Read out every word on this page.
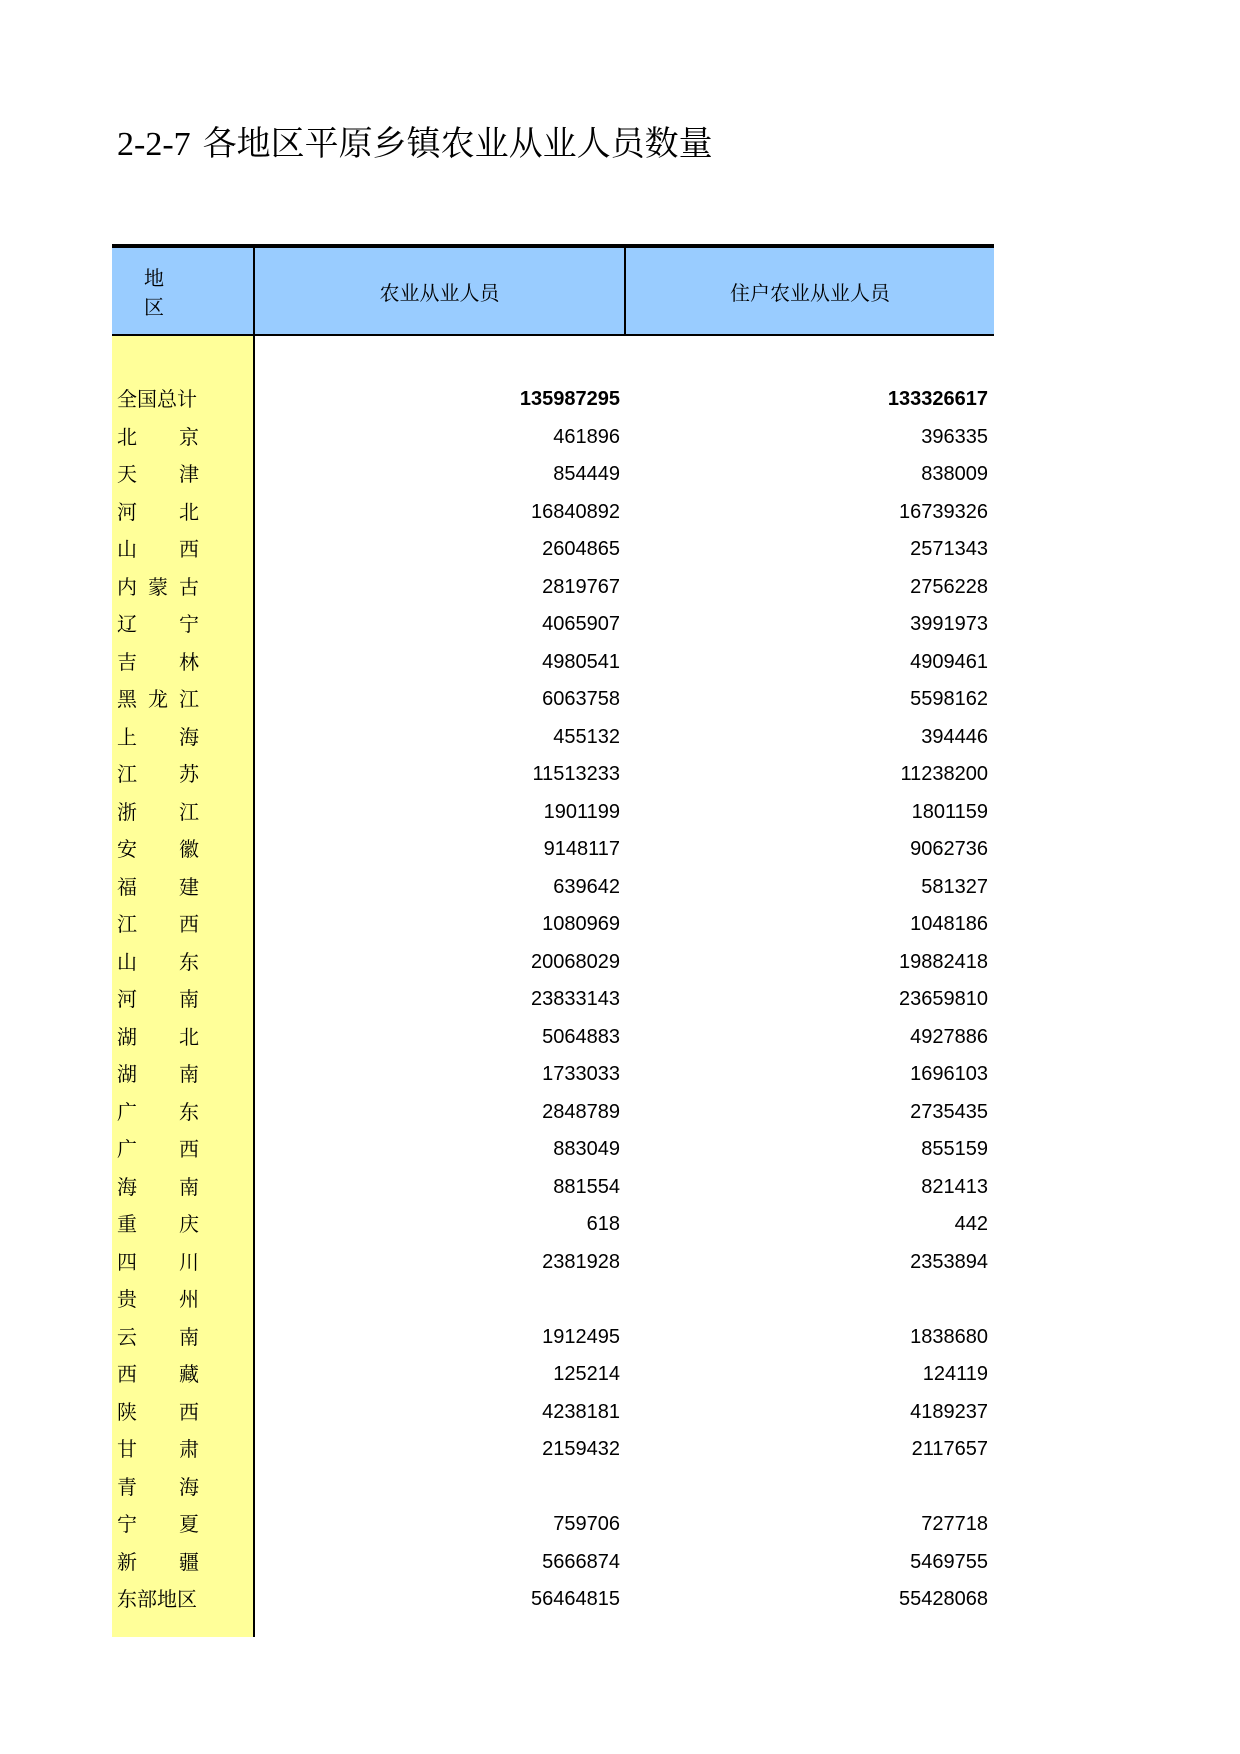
2-2-7 各地区平原乡镇农业从业人员数量
地　区
农业从业人员	住户农业从业人员
全国总计
北 京
天 津
河 北
山 西
内 蒙 古
辽 宁
吉 林
黑 龙 江
上 海
江 苏
浙 江
安 徽
福 建
江 西
山 东
河 南
湖 北
湖 南
广 东
广 西
海 南
重 庆
四 川
贵 州
云 南
西 藏
陕 西
甘 肃
青 海
宁 夏
新 疆
东部地区
135987295
461896
854449
16840892
2604865
2819767
4065907
4980541
6063758
455132
11513233
1901199
9148117
639642
1080969
20068029
23833143
5064883
1733033
2848789
883049
881554
618
2381928
1912495
125214
4238181
2159432
759706
5666874
56464815
133326617
396335
838009
16739326
2571343
2756228
3991973
4909461
5598162
394446
11238200
1801159
9062736
581327
1048186
19882418
23659810
4927886
1696103
2735435
855159
821413
442
2353894
1838680
124119
4189237
2117657
727718
5469755
55428068
